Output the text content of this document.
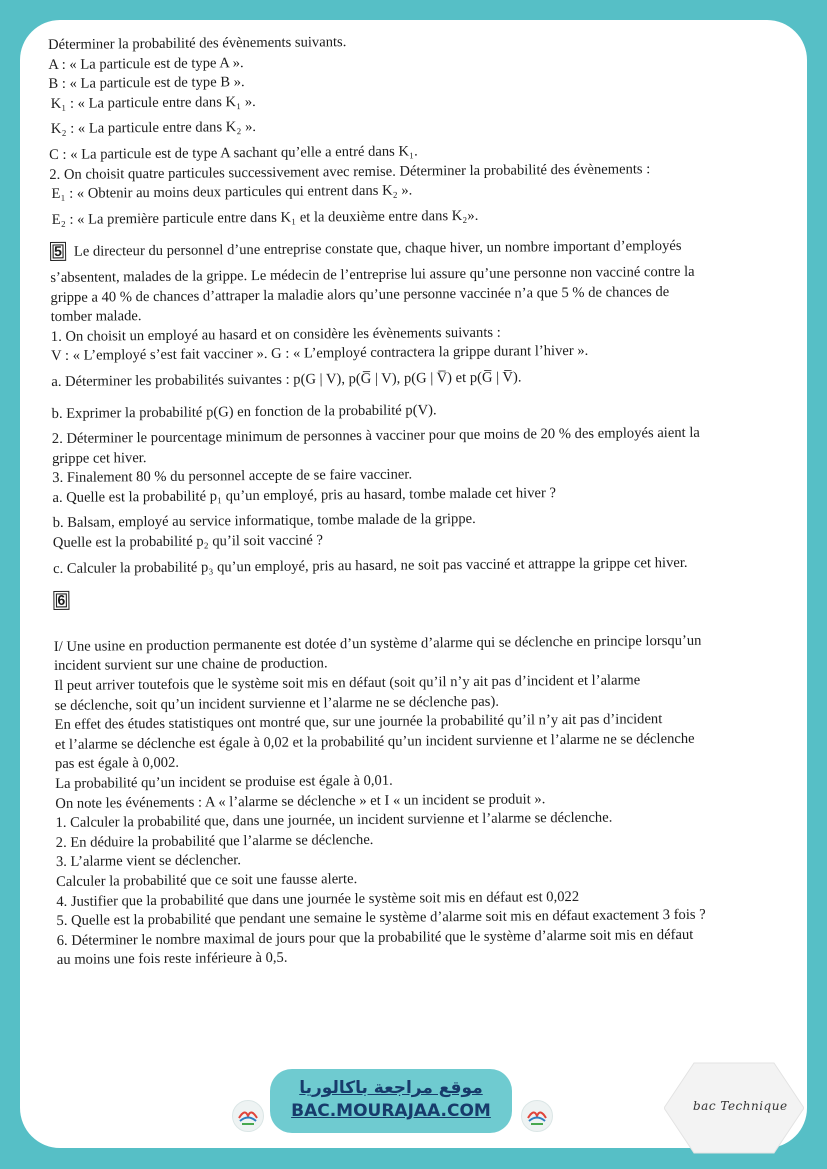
Déterminer la probabilité des évènements suivants.
A : « La particule est de type A ».
B : « La particule est de type B ».
K₁ : « La particule entre dans K₁ ».
K₂ : « La particule entre dans K₂ ».
C : « La particule est de type A sachant qu’elle a entré dans K₁.
2. On choisit quatre particules successivement avec remise. Déterminer la probabilité des évènements :
E₁ : « Obtenir au moins deux particules qui entrent dans K₂ ».
E₂ : « La première particule entre dans K₁ et la deuxième entre dans K₂».
5 Le directeur du personnel d’une entreprise constate que, chaque hiver, un nombre important d’employés
s’absentent, malades de la grippe. Le médecin de l’entreprise lui assure qu’une personne non vacciné contre la
grippe a 40 % de chances d’attraper la maladie alors qu’une personne vaccinée n’a que 5 % de chances de
tomber malade.
1. On choisit un employé au hasard et on considère les évènements suivants :
V : « L’employé s’est fait vacciner ». G : « L’employé contractera la grippe durant l’hiver ».
a. Déterminer les probabilités suivantes : p(G | V), p(G̅ | V), p(G | V̅) et p(G̅ | V̅).
b. Exprimer la probabilité p(G) en fonction de la probabilité p(V).
2. Déterminer le pourcentage minimum de personnes à vacciner pour que moins de 20 % des employés aient la
grippe cet hiver.
3. Finalement 80 % du personnel accepte de se faire vacciner.
a. Quelle est la probabilité p₁ qu’un employé, pris au hasard, tombe malade cet hiver ?
b. Balsam, employé au service informatique, tombe malade de la grippe.
Quelle est la probabilité p₂ qu’il soit vacciné ?
c. Calculer la probabilité p₃ qu’un employé, pris au hasard, ne soit pas vacciné et attrappe la grippe cet hiver.
6
I/ Une usine en production permanente est dotée d’un système d’alarme qui se déclenche en principe lorsqu’un
incident survient sur une chaine de production.
Il peut arriver toutefois que le système soit mis en défaut (soit qu’il n’y ait pas d’incident et l’alarme
se déclenche, soit qu’un incident survienne et l’alarme ne se déclenche pas).
En effet des études statistiques ont montré que, sur une journée la probabilité qu’il n’y ait pas d’incident
et l’alarme se déclenche est égale à 0,02 et la probabilité qu’un incident survienne et l’alarme ne se déclenche
pas est égale à 0,002.
La probabilité qu’un incident se produise est égale à 0,01.
On note les événements : A « l’alarme se déclenche » et I « un incident se produit ».
1. Calculer la probabilité que, dans une journée, un incident survienne et l’alarme se déclenche.
2. En déduire la probabilité que l’alarme se déclenche.
3. L’alarme vient se déclencher.
Calculer la probabilité que ce soit une fausse alerte.
4. Justifier que la probabilité que dans une journée le système soit mis en défaut est 0,022
5. Quelle est la probabilité que pendant une semaine le système d’alarme soit mis en défaut exactement 3 fois ?
6. Déterminer le nombre maximal de jours pour que la probabilité que le système d’alarme soit mis en défaut
au moins une fois reste inférieure à 0,5.
موقع مراجعة باكالوريا
BAC.MOURAJAA.COM	bac Technique
